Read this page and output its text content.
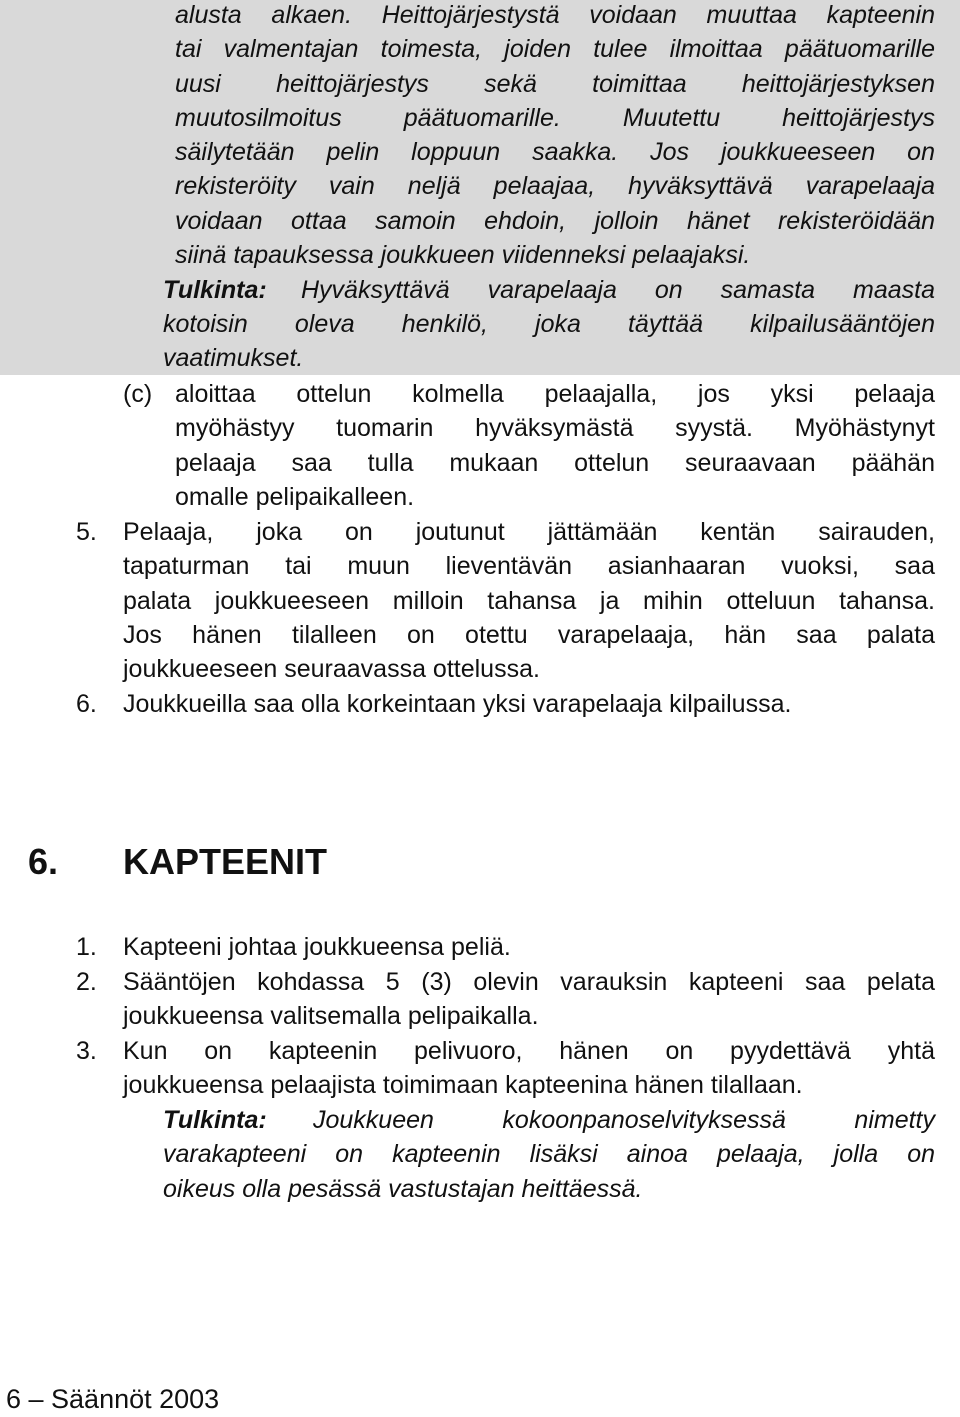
alusta alkaen. Heittojärjestystä voidaan muuttaa kapteenin
tai valmentajan toimesta, joiden tulee ilmoittaa päätuomarille
uusi heittojärjestys sekä toimittaa heittojärjestyksen
muutosilmoitus päätuomarille. Muutettu heittojärjestys
säilytetään pelin loppuun saakka. Jos joukkueeseen on
rekisteröity vain neljä pelaajaa, hyväksyttävä varapelaaja
voidaan ottaa samoin ehdoin, jolloin hänet rekisteröidään
siinä tapauksessa joukkueen viidenneksi pelaajaksi.
Tulkinta: Hyväksyttävä varapelaaja on samasta maasta
kotoisin oleva henkilö, joka täyttää kilpailusääntöjen
vaatimukset.
(c) aloittaa ottelun kolmella pelaajalla, jos yksi pelaaja
myöhästyy tuomarin hyväksymästä syystä. Myöhästynyt
pelaaja saa tulla mukaan ottelun seuraavaan päähän
omalle pelipaikalleen.
5. Pelaaja, joka on joutunut jättämään kentän sairauden,
tapaturman tai muun lieventävän asianhaaran vuoksi, saa
palata joukkueeseen milloin tahansa ja mihin otteluun tahansa.
Jos hänen tilalleen on otettu varapelaaja, hän saa palata
joukkueeseen seuraavassa ottelussa.
6. Joukkueilla saa olla korkeintaan yksi varapelaaja kilpailussa.
6. KAPTEENIT
1. Kapteeni johtaa joukkueensa peliä.
2. Sääntöjen kohdassa 5 (3) olevin varauksin kapteeni saa pelata
joukkueensa valitsemalla pelipaikalla.
3. Kun on kapteenin pelivuoro, hänen on pyydettävä yhtä
joukkueensa pelaajista toimimaan kapteenina hänen tilallaan.
Tulkinta: Joukkueen kokoonpanoselvityksessä nimetty
varakapteeni on kapteenin lisäksi ainoa pelaaja, jolla on
oikeus olla pesässä vastustajan heittäessä.
6 – Säännöt 2003
